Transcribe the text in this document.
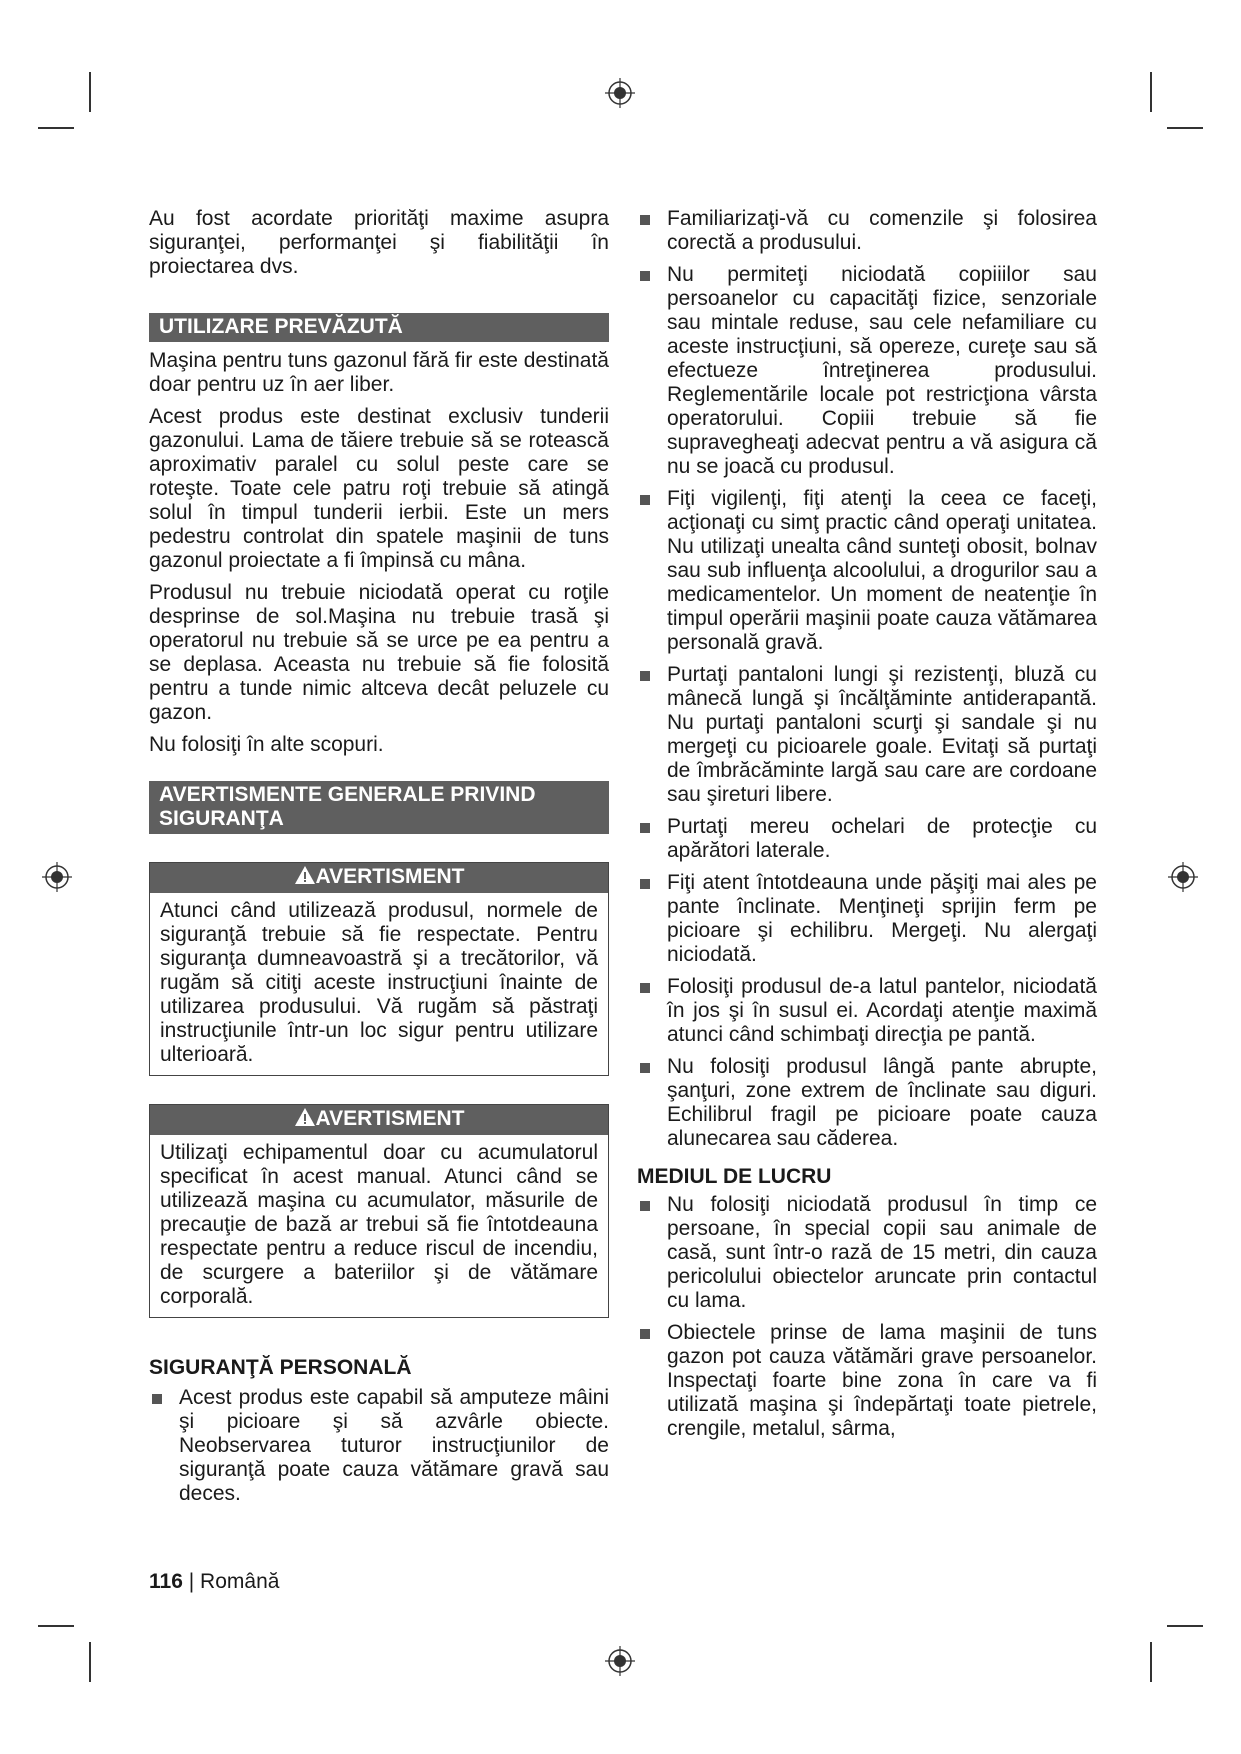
Au fost acordate priorităţi maxime asupra siguranţei, performanţei şi fiabilităţii în proiectarea dvs.

UTILIZARE PREVĂZUTĂ

Maşina pentru tuns gazonul fără fir este destinată doar pentru uz în aer liber.

Acest produs este destinat exclusiv tunderii gazonului. Lama de tăiere trebuie să se rotească aproximativ paralel cu solul peste care se roteşte. Toate cele patru roţi trebuie să atingă solul în timpul tunderii ierbii. Este un mers pedestru controlat din spatele maşinii de tuns gazonul proiectate a fi împinsă cu mâna.

Produsul nu trebuie niciodată operat cu roţile desprinse de sol.Maşina nu trebuie trasă şi operatorul nu trebuie să se urce pe ea pentru a se deplasa. Aceasta nu trebuie să fie folosită pentru a tunde nimic altceva decât peluzele cu gazon.

Nu folosiţi în alte scopuri.

AVERTISMENTE GENERALE PRIVIND SIGURANŢA
AVERTISMENT
Atunci când utilizează produsul, normele de siguranţă trebuie să fie respectate. Pentru siguranţa dumneavoastră şi a trecătorilor, vă rugăm să citiţi aceste instrucţiuni înainte de utilizarea produsului. Vă rugăm să păstraţi instrucţiunile într-un loc sigur pentru utilizare ulterioară.
AVERTISMENT
Utilizaţi echipamentul doar cu acumulatorul specificat în acest manual. Atunci când se utilizează maşina cu acumulator, măsurile de precauţie de bază ar trebui să fie întotdeauna respectate pentru a reduce riscul de incendiu, de scurgere a bateriilor şi de vătămare corporală.
SIGURANŢĂ PERSONALĂ
Acest produs este capabil să amputeze mâini şi picioare şi să azvârle obiecte. Neobservarea tuturor instrucţiunilor de siguranţă poate cauza vătămare gravă sau deces.
Familiarizaţi-vă cu comenzile şi folosirea corectă a produsului.
Nu permiteţi niciodată copiiilor sau persoanelor cu capacităţi fizice, senzoriale sau mintale reduse, sau cele nefamiliare cu aceste instrucţiuni, să opereze, cureţe sau să efectueze întreţinerea produsului. Reglementările locale pot restricţiona vârsta operatorului. Copiii trebuie să fie supravegheaţi adecvat pentru a vă asigura că nu se joacă cu produsul.
Fiţi vigilenţi, fiţi atenţi la ceea ce faceţi, acţionaţi cu simţ practic când operaţi unitatea. Nu utilizaţi unealta când sunteţi obosit, bolnav sau sub influenţa alcoolului, a drogurilor sau a medicamentelor. Un moment de neatenţie în timpul operării maşinii poate cauza vătămarea personală gravă.
Purtaţi pantaloni lungi şi rezistenţi, bluză cu mânecă lungă şi încălţăminte antiderapantă. Nu purtaţi pantaloni scurţi şi sandale şi nu mergeţi cu picioarele goale. Evitaţi să purtaţi de îmbrăcăminte largă sau care are cordoane sau şireturi libere.
Purtaţi mereu ochelari de protecţie cu apărători laterale.
Fiţi atent întotdeauna unde păşiţi mai ales pe pante înclinate. Menţineţi sprijin ferm pe picioare şi echilibru. Mergeţi. Nu alergaţi niciodată.
Folosiţi produsul de-a latul pantelor, niciodată în jos şi în susul ei. Acordaţi atenţie maximă atunci când schimbaţi direcţia pe pantă.
Nu folosiţi produsul lângă pante abrupte, şanţuri, zone extrem de înclinate sau diguri. Echilibrul fragil pe picioare poate cauza alunecarea sau căderea.
MEDIUL DE LUCRU
Nu folosiţi niciodată produsul în timp ce persoane, în special copii sau animale de casă, sunt într-o rază de 15 metri, din cauza pericolului obiectelor aruncate prin contactul cu lama.
Obiectele prinse de lama maşinii de tuns gazon pot cauza vătămări grave persoanelor. Inspectaţi foarte bine zona în care va fi utilizată maşina şi îndepărtaţi toate pietrele, crengile, metalul, sârma,
116 | Română
